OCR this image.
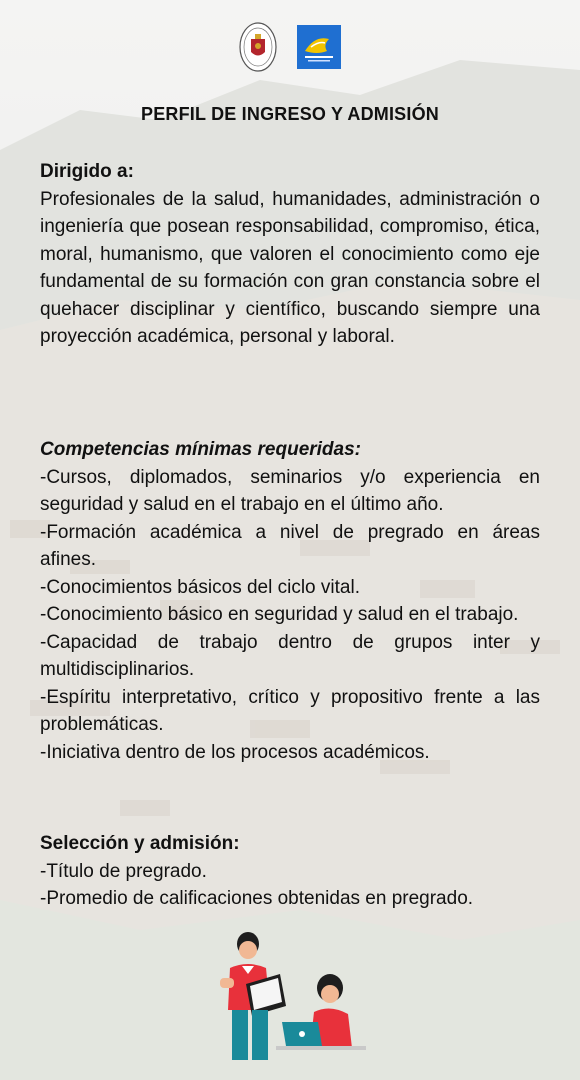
PERFIL DE INGRESO Y ADMISIÓN
Dirigido a:
Profesionales de la salud, humanidades, administración o ingeniería que posean responsabilidad, compromiso, ética, moral, humanismo, que valoren el conocimiento como eje fundamental de su formación con gran constancia sobre el quehacer disciplinar y científico, buscando siempre una proyección académica, personal y laboral.
Competencias mínimas requeridas:
-Cursos, diplomados, seminarios y/o experiencia en seguridad y salud en el trabajo en el último año.
-Formación académica a nivel de pregrado en áreas afines.
-Conocimientos básicos del ciclo vital.
-Conocimiento básico en seguridad y salud en el trabajo.
-Capacidad de trabajo dentro de grupos inter y multidisciplinarios.
-Espíritu interpretativo, crítico y propositivo frente a las problemáticas.
-Iniciativa dentro de los procesos académicos.
Selección y admisión:
-Título de pregrado.
-Promedio de calificaciones obtenidas en pregrado.
